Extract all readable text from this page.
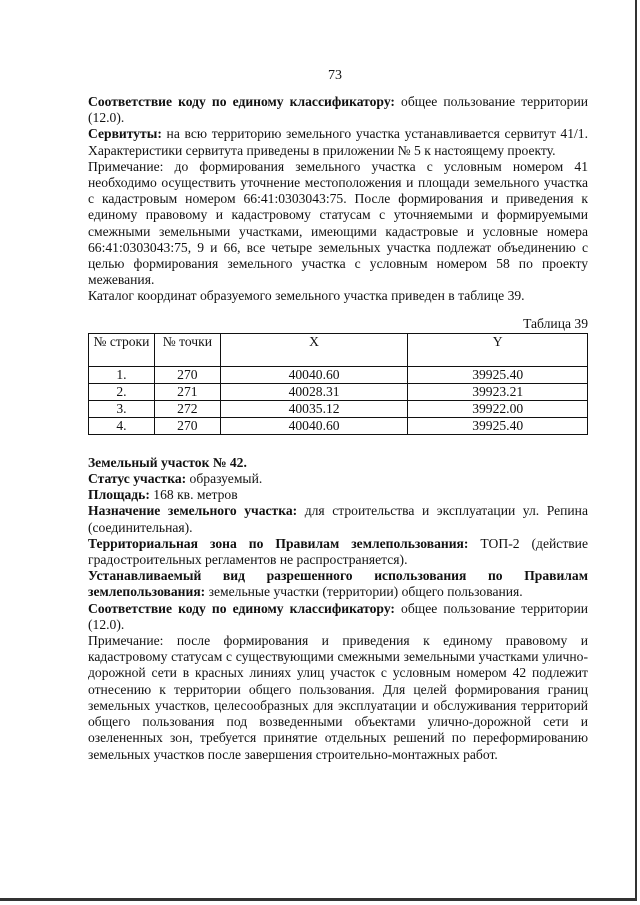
73

Соответствие коду по единому классификатору: общее пользование территории (12.0).

Сервитуты: на всю территорию земельного участка устанавливается сервитут 41/1. Характеристики сервитута приведены в приложении № 5 к настоящему проекту.

Примечание: до формирования земельного участка с условным номером 41 необходимо осуществить уточнение местоположения и площади земельного участка с кадастровым номером 66:41:0303043:75. После формирования и приведения к единому правовому и кадастровому статусам с уточняемыми и формируемыми смежными земельными участками, имеющими кадастровые и условные номера 66:41:0303043:75, 9 и 66, все четыре земельных участка подлежат объединению с целью формирования земельного участка с условным номером 58 по проекту межевания.

Каталог координат образуемого земельного участка приведен в таблице 39.

Таблица 39

№ строки	№ точки	X	Y
1.	270	40040.60	39925.40
2.	271	40028.31	39923.21
3.	272	40035.12	39922.00
4.	270	40040.60	39925.40

Земельный участок № 42.

Статус участка: образуемый.

Площадь: 168 кв. метров

Назначение земельного участка: для строительства и эксплуатации ул. Репина (соединительная).

Территориальная зона по Правилам землепользования: ТОП-2 (действие градостроительных регламентов не распространяется).

Устанавливаемый вид разрешенного использования по Правилам землепользования: земельные участки (территории) общего пользования.

Соответствие коду по единому классификатору: общее пользование территории (12.0).

Примечание: после формирования и приведения к единому правовому и кадастровому статусам с существующими смежными земельными участками улично-дорожной сети в красных линиях улиц участок с условным номером 42 подлежит отнесению к территории общего пользования. Для целей формирования границ земельных участков, целесообразных для эксплуатации и обслуживания территорий общего пользования под возведенными объектами улично-дорожной сети и озелененных зон, требуется принятие отдельных решений по переформированию земельных участков после завершения строительно-монтажных работ.
